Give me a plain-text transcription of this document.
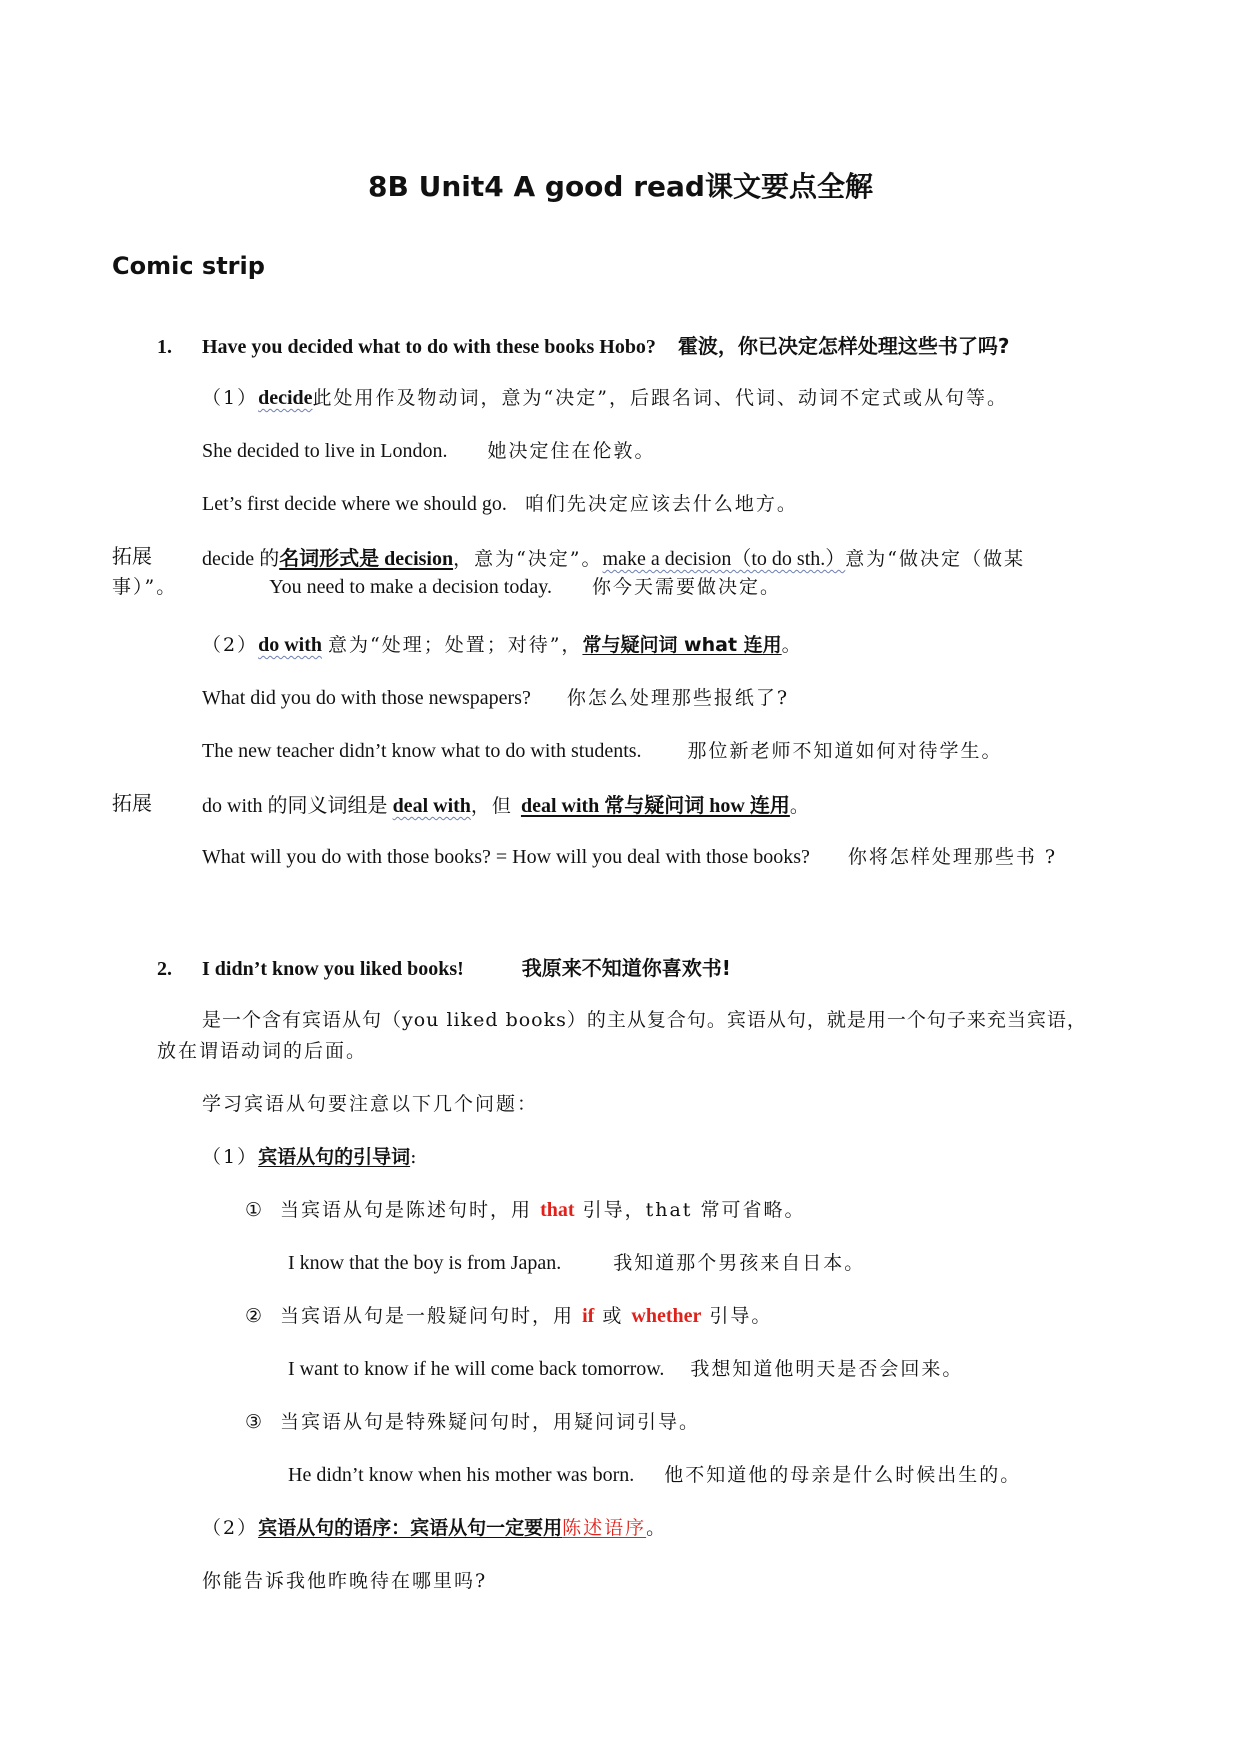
8B Unit4 A good read课文要点全解
Comic strip
1. Have you decided what to do with these books Hobo? 霍波，你已决定怎样处理这些书了吗?
（1）decide此处用作及物动词，意为“决定”，后跟名词、代词、动词不定式或从句等。
She decided to live in London. 她决定住在伦敦。
Let’s first decide where we should go. 咱们先决定应该去什么地方。
拓展	decide 的名词形式是 decision，意为“决定”。make a decision（to do sth.）意为“做决定（做某
事）”。	You need to make a decision today. 你今天需要做决定。
（2）do with 意为“处理；处置；对待”，常与疑问词 what 连用。
What did you do with those newspapers? 你怎么处理那些报纸了?
The new teacher didn’t know what to do with students. 那位新老师不知道如何对待学生。
拓展	do with 的同义词组是 deal with，但 deal with 常与疑问词 how 连用。
What will you do with those books? = How will you deal with those books? 你将怎样处理那些书 ?
2. I didn’t know you liked books!	我原来不知道你喜欢书!
是一个含有宾语从句（you liked books）的主从复合句。宾语从句，就是用一个句子来充当宾语，
放在谓语动词的后面。
学习宾语从句要注意以下几个问题：
（1）宾语从句的引导词:
① 当宾语从句是陈述句时，用 that 引导，that 常可省略。
I know that the boy is from Japan.	我知道那个男孩来自日本。
② 当宾语从句是一般疑问句时，用 if 或 whether 引导。
I want to know if he will come back tomorrow. 我想知道他明天是否会回来。
③ 当宾语从句是特殊疑问句时，用疑问词引导。
He didn’t know when his mother was born. 他不知道他的母亲是什么时候出生的。
（2）宾语从句的语序：宾语从句一定要用陈述语序。
你能告诉我他昨晚待在哪里吗?
